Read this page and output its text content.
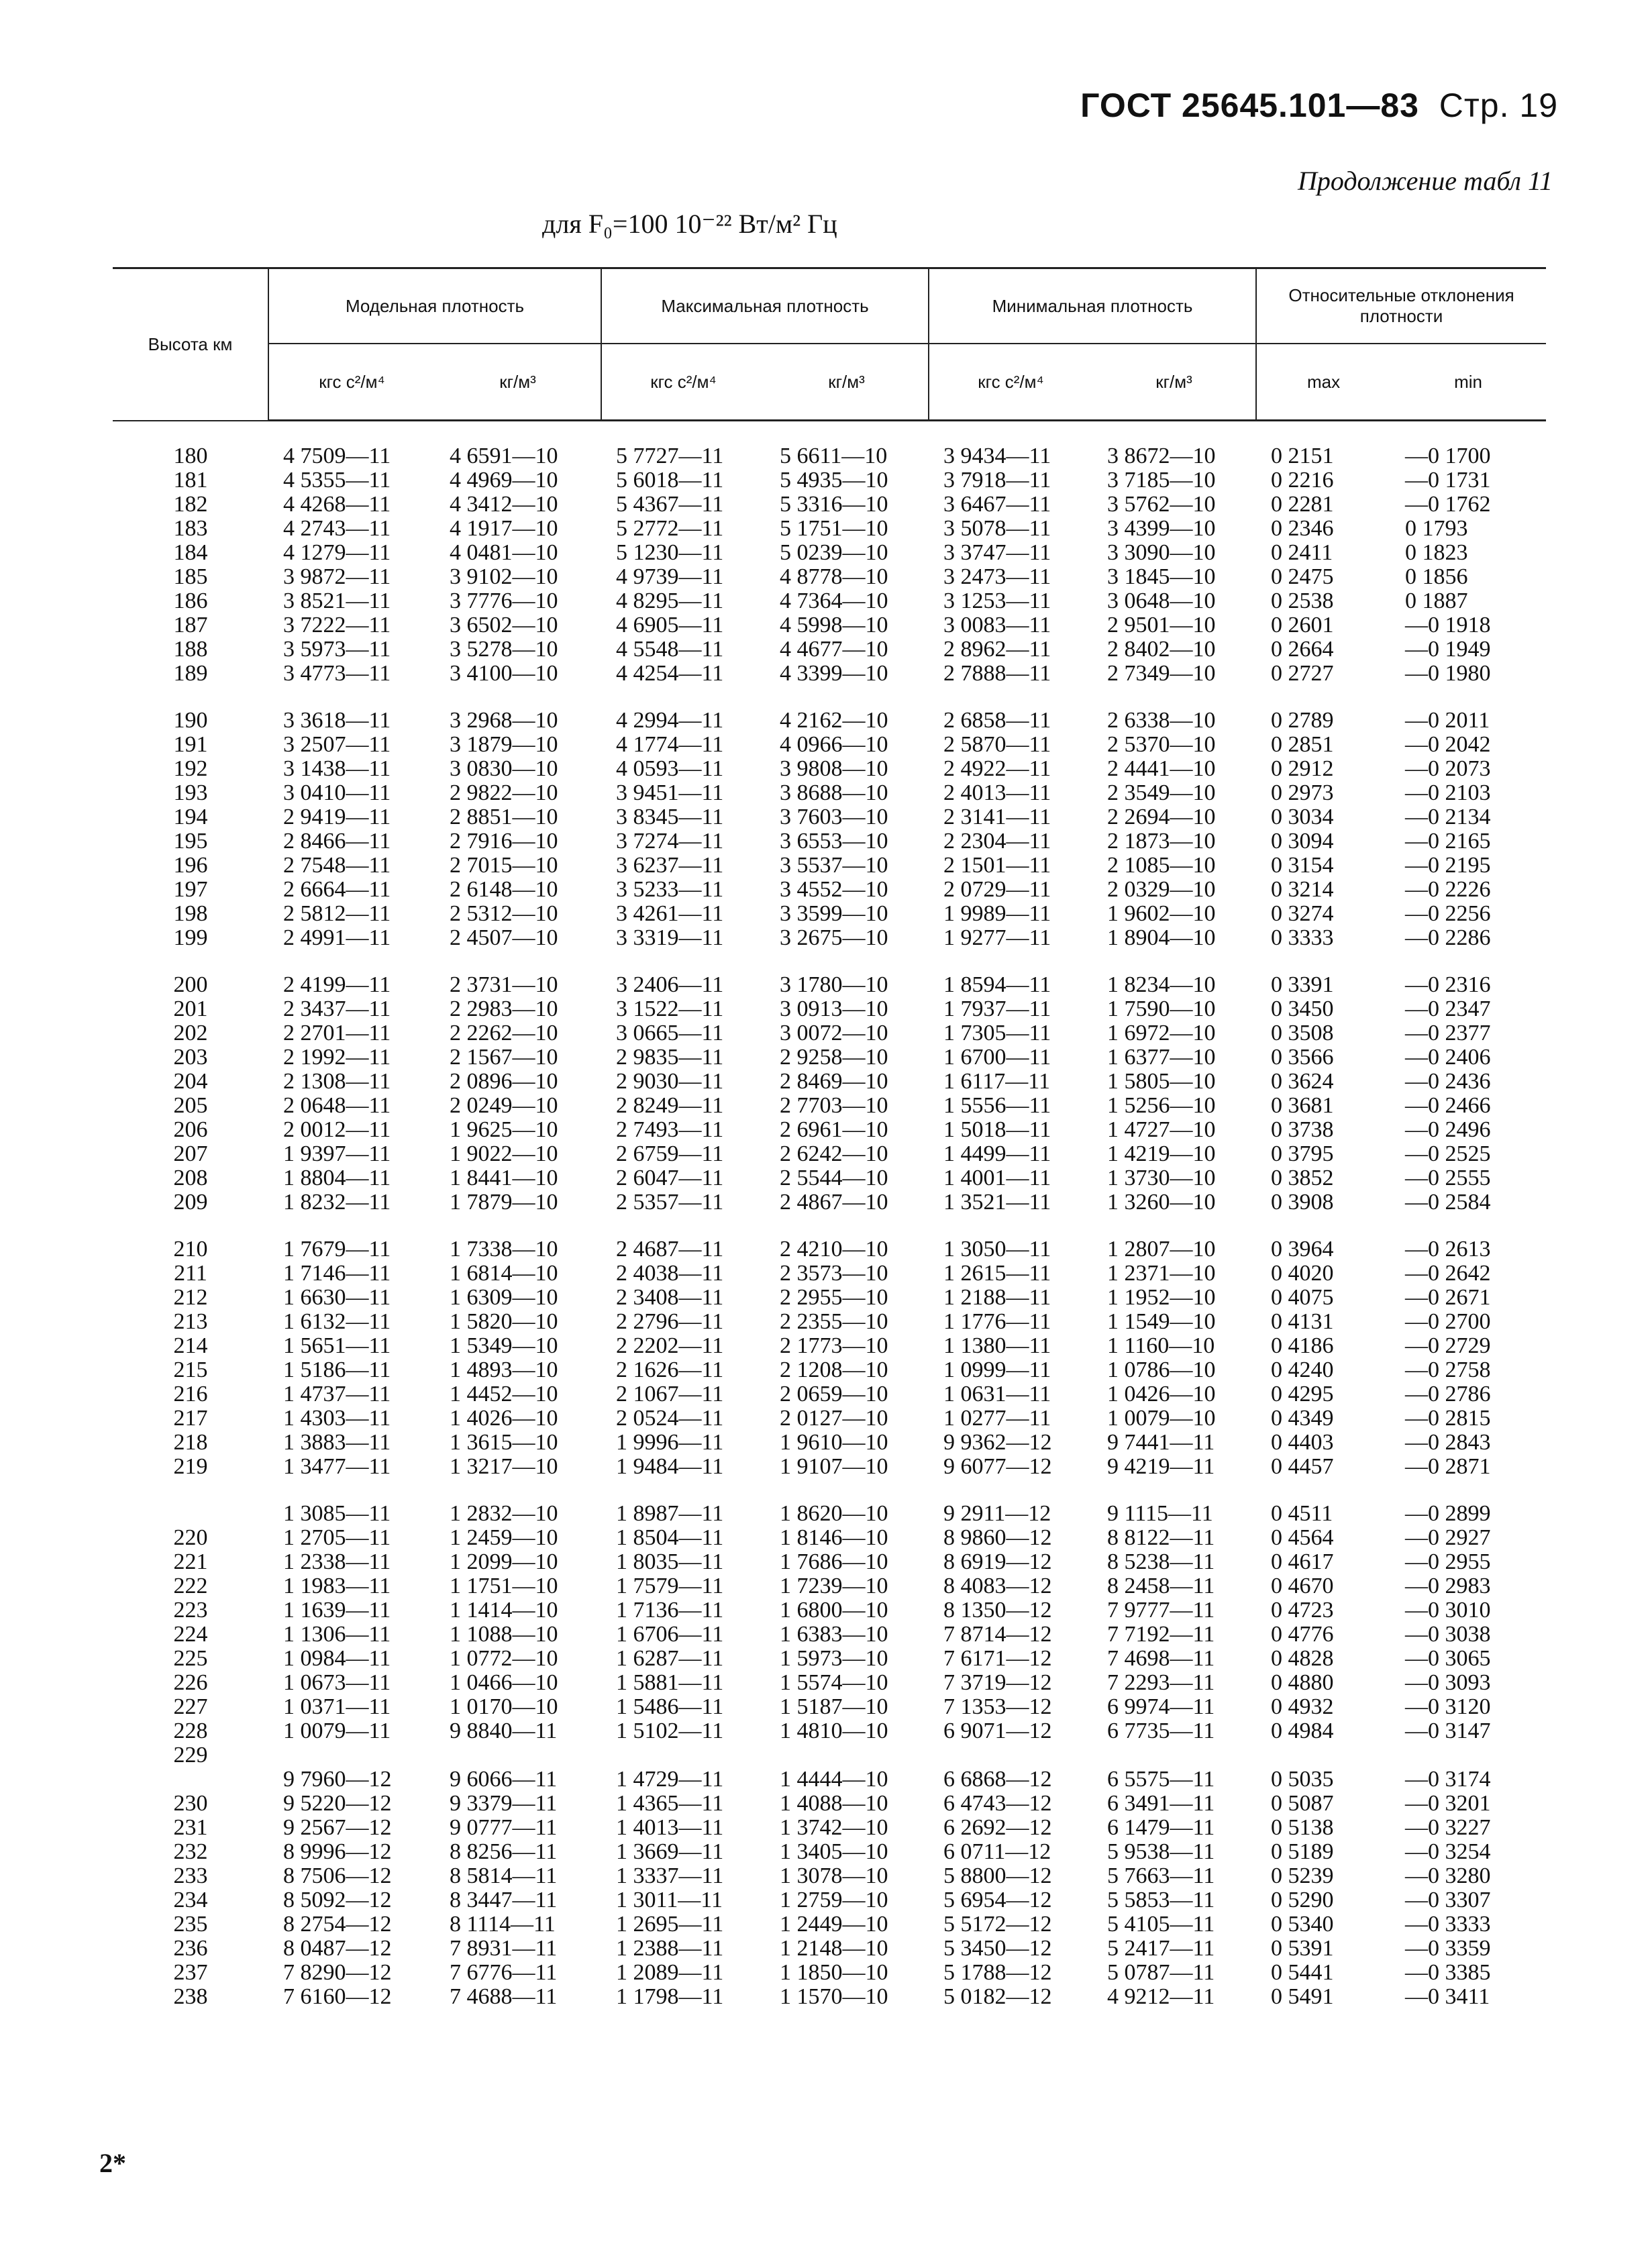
ГОСТ 25645.101—83 Стр. 19
Продолжение табл 11
для F₀=100 10⁻²² Вт/м² Гц
Высота км	Модельная плотность		Максимальная плотность		Минимальная плотность		Относительные отклонения плотности	
	кгс с²/м⁴	кг/м³	кгс с²/м⁴	кг/м³	кгс с²/м⁴	кг/м³	max	min

180	4 7509—11	4 6591—10	5 7727—11	5 6611—10	3 9434—11	3 8672—10	0 2151	—0 1700
181	4 5355—11	4 4969—10	5 6018—11	5 4935—10	3 7918—11	3 7185—10	0 2216	—0 1731
182	4 4268—11	4 3412—10	5 4367—11	5 3316—10	3 6467—11	3 5762—10	0 2281	—0 1762
183	4 2743—11	4 1917—10	5 2772—11	5 1751—10	3 5078—11	3 4399—10	0 2346	0 1793
184	4 1279—11	4 0481—10	5 1230—11	5 0239—10	3 3747—11	3 3090—10	0 2411	0 1823
185	3 9872—11	3 9102—10	4 9739—11	4 8778—10	3 2473—11	3 1845—10	0 2475	0 1856
186	3 8521—11	3 7776—10	4 8295—11	4 7364—10	3 1253—11	3 0648—10	0 2538	0 1887
187	3 7222—11	3 6502—10	4 6905—11	4 5998—10	3 0083—11	2 9501—10	0 2601	—0 1918
188	3 5973—11	3 5278—10	4 5548—11	4 4677—10	2 8962—11	2 8402—10	0 2664	—0 1949
189	3 4773—11	3 4100—10	4 4254—11	4 3399—10	2 7888—11	2 7349—10	0 2727	—0 1980

190	3 3618—11	3 2968—10	4 2994—11	4 2162—10	2 6858—11	2 6338—10	0 2789	—0 2011
191	3 2507—11	3 1879—10	4 1774—11	4 0966—10	2 5870—11	2 5370—10	0 2851	—0 2042
192	3 1438—11	3 0830—10	4 0593—11	3 9808—10	2 4922—11	2 4441—10	0 2912	—0 2073
193	3 0410—11	2 9822—10	3 9451—11	3 8688—10	2 4013—11	2 3549—10	0 2973	—0 2103
194	2 9419—11	2 8851—10	3 8345—11	3 7603—10	2 3141—11	2 2694—10	0 3034	—0 2134
195	2 8466—11	2 7916—10	3 7274—11	3 6553—10	2 2304—11	2 1873—10	0 3094	—0 2165
196	2 7548—11	2 7015—10	3 6237—11	3 5537—10	2 1501—11	2 1085—10	0 3154	—0 2195
197	2 6664—11	2 6148—10	3 5233—11	3 4552—10	2 0729—11	2 0329—10	0 3214	—0 2226
198	2 5812—11	2 5312—10	3 4261—11	3 3599—10	1 9989—11	1 9602—10	0 3274	—0 2256
199	2 4991—11	2 4507—10	3 3319—11	3 2675—10	1 9277—11	1 8904—10	0 3333	—0 2286

200	2 4199—11	2 3731—10	3 2406—11	3 1780—10	1 8594—11	1 8234—10	0 3391	—0 2316
201	2 3437—11	2 2983—10	3 1522—11	3 0913—10	1 7937—11	1 7590—10	0 3450	—0 2347
202	2 2701—11	2 2262—10	3 0665—11	3 0072—10	1 7305—11	1 6972—10	0 3508	—0 2377
203	2 1992—11	2 1567—10	2 9835—11	2 9258—10	1 6700—11	1 6377—10	0 3566	—0 2406
204	2 1308—11	2 0896—10	2 9030—11	2 8469—10	1 6117—11	1 5805—10	0 3624	—0 2436
205	2 0648—11	2 0249—10	2 8249—11	2 7703—10	1 5556—11	1 5256—10	0 3681	—0 2466
206	2 0012—11	1 9625—10	2 7493—11	2 6961—10	1 5018—11	1 4727—10	0 3738	—0 2496
207	1 9397—11	1 9022—10	2 6759—11	2 6242—10	1 4499—11	1 4219—10	0 3795	—0 2525
208	1 8804—11	1 8441—10	2 6047—11	2 5544—10	1 4001—11	1 3730—10	0 3852	—0 2555
209	1 8232—11	1 7879—10	2 5357—11	2 4867—10	1 3521—11	1 3260—10	0 3908	—0 2584

210	1 7679—11	1 7338—10	2 4687—11	2 4210—10	1 3050—11	1 2807—10	0 3964	—0 2613
211	1 7146—11	1 6814—10	2 4038—11	2 3573—10	1 2615—11	1 2371—10	0 4020	—0 2642
212	1 6630—11	1 6309—10	2 3408—11	2 2955—10	1 2188—11	1 1952—10	0 4075	—0 2671
213	1 6132—11	1 5820—10	2 2796—11	2 2355—10	1 1776—11	1 1549—10	0 4131	—0 2700
214	1 5651—11	1 5349—10	2 2202—11	2 1773—10	1 1380—11	1 1160—10	0 4186	—0 2729
215	1 5186—11	1 4893—10	2 1626—11	2 1208—10	1 0999—11	1 0786—10	0 4240	—0 2758
216	1 4737—11	1 4452—10	2 1067—11	2 0659—10	1 0631—11	1 0426—10	0 4295	—0 2786
217	1 4303—11	1 4026—10	2 0524—11	2 0127—10	1 0277—11	1 0079—10	0 4349	—0 2815
218	1 3883—11	1 3615—10	1 9996—11	1 9610—10	9 9362—12	9 7441—11	0 4403	—0 2843
219	1 3477—11	1 3217—10	1 9484—11	1 9107—10	9 6077—12	9 4219—11	0 4457	—0 2871

	1 3085—11	1 2832—10	1 8987—11	1 8620—10	9 2911—12	9 1115—11	0 4511	—0 2899
220	1 2705—11	1 2459—10	1 8504—11	1 8146—10	8 9860—12	8 8122—11	0 4564	—0 2927
221	1 2338—11	1 2099—10	1 8035—11	1 7686—10	8 6919—12	8 5238—11	0 4617	—0 2955
222	1 1983—11	1 1751—10	1 7579—11	1 7239—10	8 4083—12	8 2458—11	0 4670	—0 2983
223	1 1639—11	1 1414—10	1 7136—11	1 6800—10	8 1350—12	7 9777—11	0 4723	—0 3010
224	1 1306—11	1 1088—10	1 6706—11	1 6383—10	7 8714—12	7 7192—11	0 4776	—0 3038
225	1 0984—11	1 0772—10	1 6287—11	1 5973—10	7 6171—12	7 4698—11	0 4828	—0 3065
226	1 0673—11	1 0466—10	1 5881—11	1 5574—10	7 3719—12	7 2293—11	0 4880	—0 3093
227	1 0371—11	1 0170—10	1 5486—11	1 5187—10	7 1353—12	6 9974—11	0 4932	—0 3120
228	1 0079—11	9 8840—11	1 5102—11	1 4810—10	6 9071—12	6 7735—11	0 4984	—0 3147
229								
	9 7960—12	9 6066—11	1 4729—11	1 4444—10	6 6868—12	6 5575—11	0 5035	—0 3174
230	9 5220—12	9 3379—11	1 4365—11	1 4088—10	6 4743—12	6 3491—11	0 5087	—0 3201
231	9 2567—12	9 0777—11	1 4013—11	1 3742—10	6 2692—12	6 1479—11	0 5138	—0 3227
232	8 9996—12	8 8256—11	1 3669—11	1 3405—10	6 0711—12	5 9538—11	0 5189	—0 3254
233	8 7506—12	8 5814—11	1 3337—11	1 3078—10	5 8800—12	5 7663—11	0 5239	—0 3280
234	8 5092—12	8 3447—11	1 3011—11	1 2759—10	5 6954—12	5 5853—11	0 5290	—0 3307
235	8 2754—12	8 1114—11	1 2695—11	1 2449—10	5 5172—12	5 4105—11	0 5340	—0 3333
236	8 0487—12	7 8931—11	1 2388—11	1 2148—10	5 3450—12	5 2417—11	0 5391	—0 3359
237	7 8290—12	7 6776—11	1 2089—11	1 1850—10	5 1788—12	5 0787—11	0 5441	—0 3385
238	7 6160—12	7 4688—11	1 1798—11	1 1570—10	5 0182—12	4 9212—11	0 5491	—0 3411
2*
